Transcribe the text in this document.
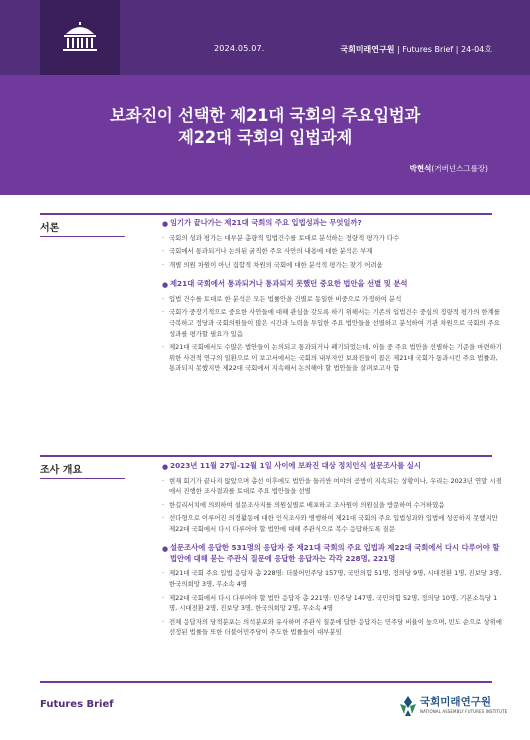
2024.05.07.	국회미래연구원 | Futures Brief | 24-04호
보좌진이 선택한 제21대 국회의 주요입법과
제22대 국회의 입법과제
박현석(거버넌스그룹장)
서론	● 임기가 끝나가는 제21대 국회의 주요 입법성과는 무엇일까?
· 국회의 성과 평가는 대부분 총량적 입법건수를 토대로 분석하는 정량적 평가가 다수
· 국회에서 통과되거나 논의된 굵직한 주요 사안의 내용에 대한 분석은 부재
· 개별 의원 차원이 아닌 집합적 차원의 국회에 대한 분석적 평가는 찾기 어려움
● 제21대 국회에서 통과되거나 통과되지 못했던 중요한 법안을 선별 및 분석
· 입법 건수를 토대로 한 분석은 모든 법률안을 건별로 동일한 비중으로 가정하여 분석
· 국회가 중장기적으로 중요한 사안들에 대해 관심을 갖도록 하기 위해서는 기존의 입법건수 중심의 정량적 평가의 한계를 극복하고 정당과 국회의원들이 많은 시간과 노력을 투입한 주요 법안들을 선별하고 분석하여 기관 차원으로 국회의 주요 성과를 평가할 필요가 있음
· 제21대 국회에서도 수많은 법안들이 논의되고 통과되거나 폐기되었는데, 이들 중 주요 법안을 선별하는 기준을 마련하기 위한 사전적 연구의 일환으로 이 보고서에서는 국회의 내부자인 보좌진들이 꼽은 제21대 국회가 통과시킨 주요 법률과, 통과되지 못했지만 제22대 국회에서 지속해서 논의해야 할 법안들을 살펴보고자 함
조사 개요	● 2023년 11월 27일-12월 1일 사이에 보좌진 대상 정치인식 설문조사를 실시
· 현재 회기가 끝나지 않았으며 총선 이후에도 법안을 둘러싼 여야의 공방이 지속되는 상황이나, 우리는 2023년 연말 시점에서 진행한 조사결과를 토대로 주요 법안들을 선별
· 한길리서치에 의뢰하여 설문조사지를 의원실별로 배포하고 조사원이 의원실을 방문하여 수거하였음
· 선다형으로 이루어진 의정활동에 대한 인식조사와 병행하여 제21대 국회의 주요 입법성과와 입법에 성공하지 못했지만 제22대 국회에서 다시 다루어야 할 법안에 대해 주관식으로 복수 응답하도록 질문
● 설문조사에 응답한 531명의 응답자 중 제21대 국회의 주요 입법과 제22대 국회에서 다시 다루어야 할 법안에 대해 묻는 주관식 질문에 응답한 응답자는 각각 228명, 221명
· 제21대 국회 주요 입법 응답자 총 228명: 더불어민주당 157명, 국민의힘 51명, 정의당 9명, 시대전환 1명, 진보당 3명, 한국의희망 3명, 무소속 4명
· 제22대 국회에서 다시 다루어야 할 법안 응답자 총 221명: 민주당 147명, 국민의힘 52명, 정의당 10명, 기본소득당 1명, 시대전환 2명, 진보당 3명, 한국의희망 2명, 무소속 4명
· 전체 응답자의 당적분포는 의석분포와 유사하며 주관식 질문에 답한 응답자는 민주당 비율이 높으며, 빈도 순으로 상위에 선정된 법률들 또한 더불어민주당이 주도한 법률들이 대부분임
Futures Brief	국회미래연구원
NATIONAL ASSEMBLY FUTURES INSTITUTE
